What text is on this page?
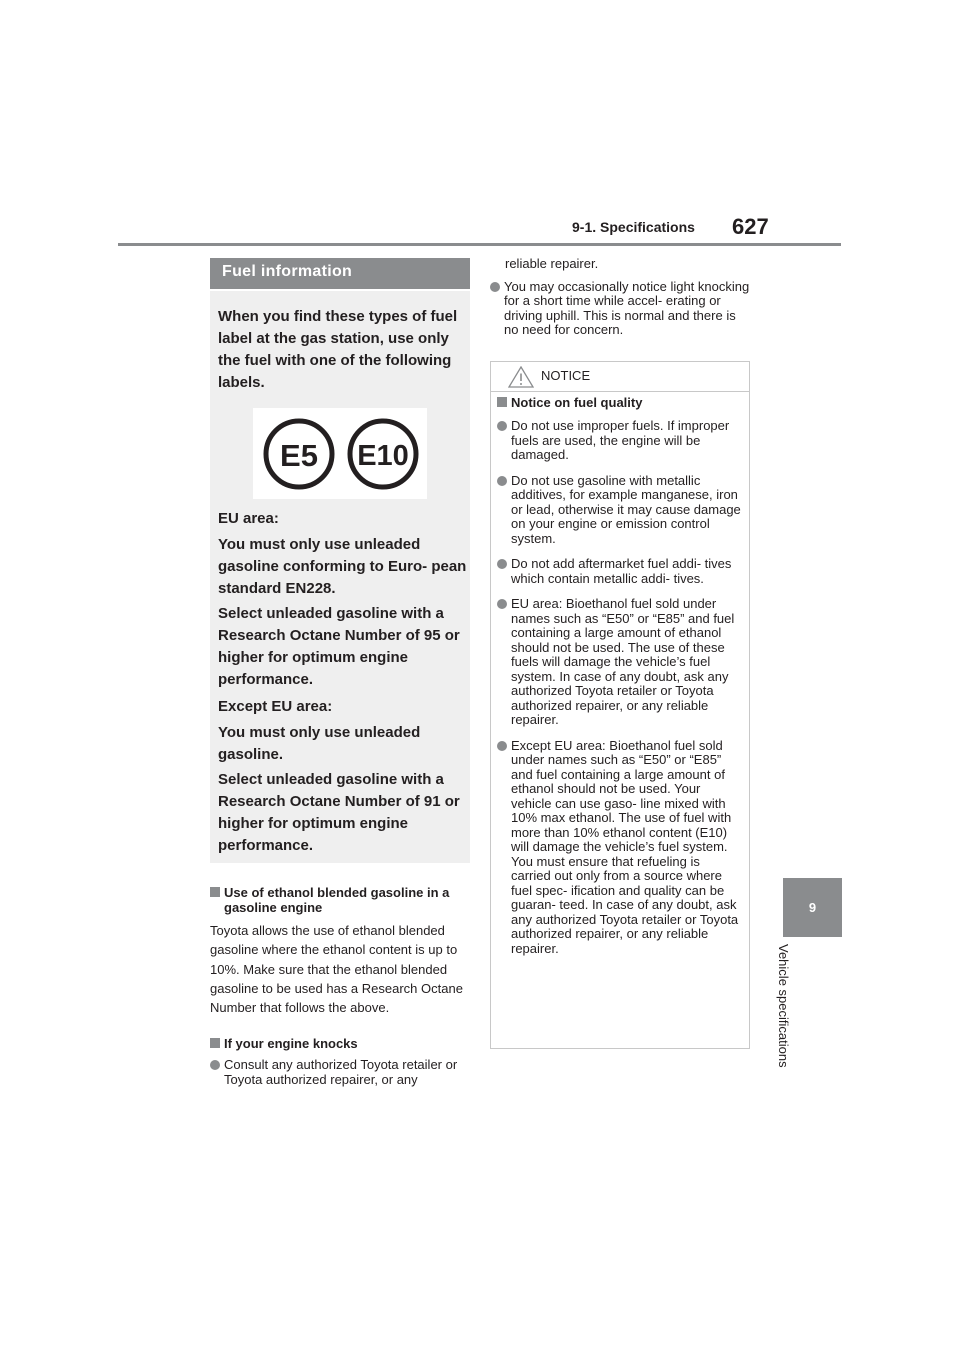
9-1. Specifications 627
9
Vehicle specifications
Fuel information
When you find these types of fuel label at the gas station, use only the fuel with one of the following labels.
E5 E10
EU area:
You must only use unleaded gasoline conforming to Euro- pean standard EN228.
Select unleaded gasoline with a Research Octane Number of 95 or higher for optimum engine performance.
Except EU area:
You must only use unleaded gasoline.
Select unleaded gasoline with a Research Octane Number of 91 or higher for optimum engine performance.
Use of ethanol blended gasoline in a gasoline engine
Toyota allows the use of ethanol blended gasoline where the ethanol content is up to 10%. Make sure that the ethanol blended gasoline to be used has a Research Octane Number that follows the above.
If your engine knocks
Consult any authorized Toyota retailer or Toyota authorized repairer, or any
reliable repairer.
You may occasionally notice light knocking for a short time while accel- erating or driving uphill. This is normal and there is no need for concern.
NOTICE
Notice on fuel quality
Do not use improper fuels. If improper fuels are used, the engine will be damaged.
Do not use gasoline with metallic additives, for example manganese, iron or lead, otherwise it may cause damage on your engine or emission control system.
Do not add aftermarket fuel addi- tives which contain metallic addi- tives.
EU area: Bioethanol fuel sold under names such as “E50” or “E85” and fuel containing a large amount of ethanol should not be used. The use of these fuels will damage the vehicle’s fuel system. In case of any doubt, ask any authorized Toyota retailer or Toyota authorized repairer, or any reliable repairer.
Except EU area: Bioethanol fuel sold under names such as “E50” or “E85” and fuel containing a large amount of ethanol should not be used. Your vehicle can use gaso- line mixed with 10% max ethanol. The use of fuel with more than 10% ethanol content (E10) will damage the vehicle’s fuel system. You must ensure that refueling is carried out only from a source where fuel spec- ification and quality can be guaran- teed. In case of any doubt, ask any authorized Toyota retailer or Toyota authorized repairer, or any reliable repairer.
